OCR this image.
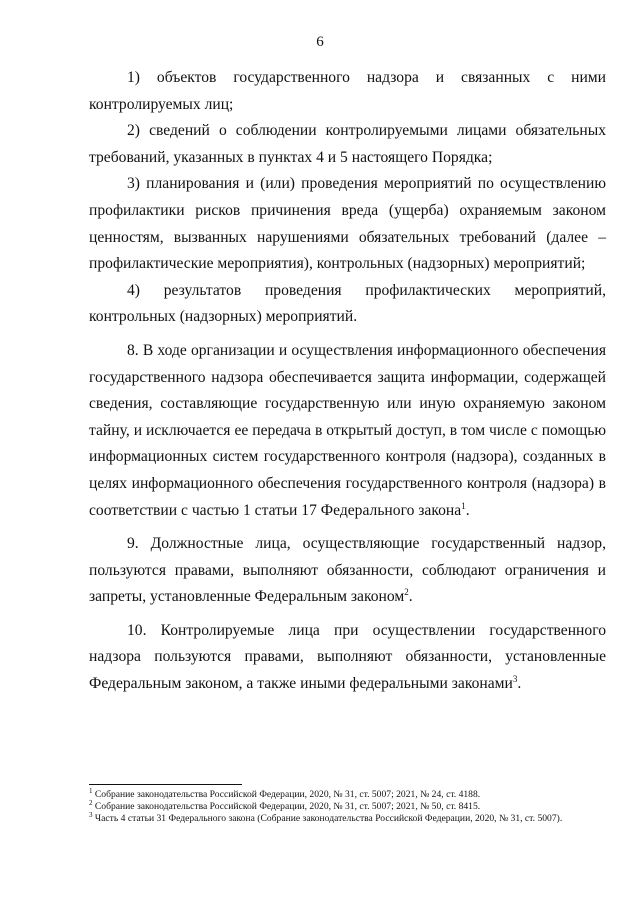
6

1) объектов государственного надзора и связанных с ними контролируемых лиц;

2) сведений о соблюдении контролируемыми лицами обязательных требований, указанных в пунктах 4 и 5 настоящего Порядка;

3) планирования и (или) проведения мероприятий по осуществлению профилактики рисков причинения вреда (ущерба) охраняемым законом ценностям, вызванных нарушениями обязательных требований (далее – профилактические мероприятия), контрольных (надзорных) мероприятий;

4) результатов проведения профилактических мероприятий, контрольных (надзорных) мероприятий.

8. В ходе организации и осуществления информационного обеспечения государственного надзора обеспечивается защита информации, содержащей сведения, составляющие государственную или иную охраняемую законом тайну, и исключается ее передача в открытый доступ, в том числе с помощью информационных систем государственного контроля (надзора), созданных в целях информационного обеспечения государственного контроля (надзора) в соответствии с частью 1 статьи 17 Федерального закона$^1$.

9. Должностные лица, осуществляющие государственный надзор, пользуются правами, выполняют обязанности, соблюдают ограничения и запреты, установленные Федеральным законом$^2$.

10. Контролируемые лица при осуществлении государственного надзора пользуются правами, выполняют обязанности, установленные Федеральным законом, а также иными федеральными законами$^3$.

$^1$ Собрание законодательства Российской Федерации, 2020, № 31, ст. 5007; 2021, № 24, ст. 4188.

$^2$ Собрание законодательства Российской Федерации, 2020, № 31, ст. 5007; 2021, № 50, ст. 8415.

$^3$ Часть 4 статьи 31 Федерального закона (Собрание законодательства Российской Федерации, 2020, № 31, ст. 5007).
